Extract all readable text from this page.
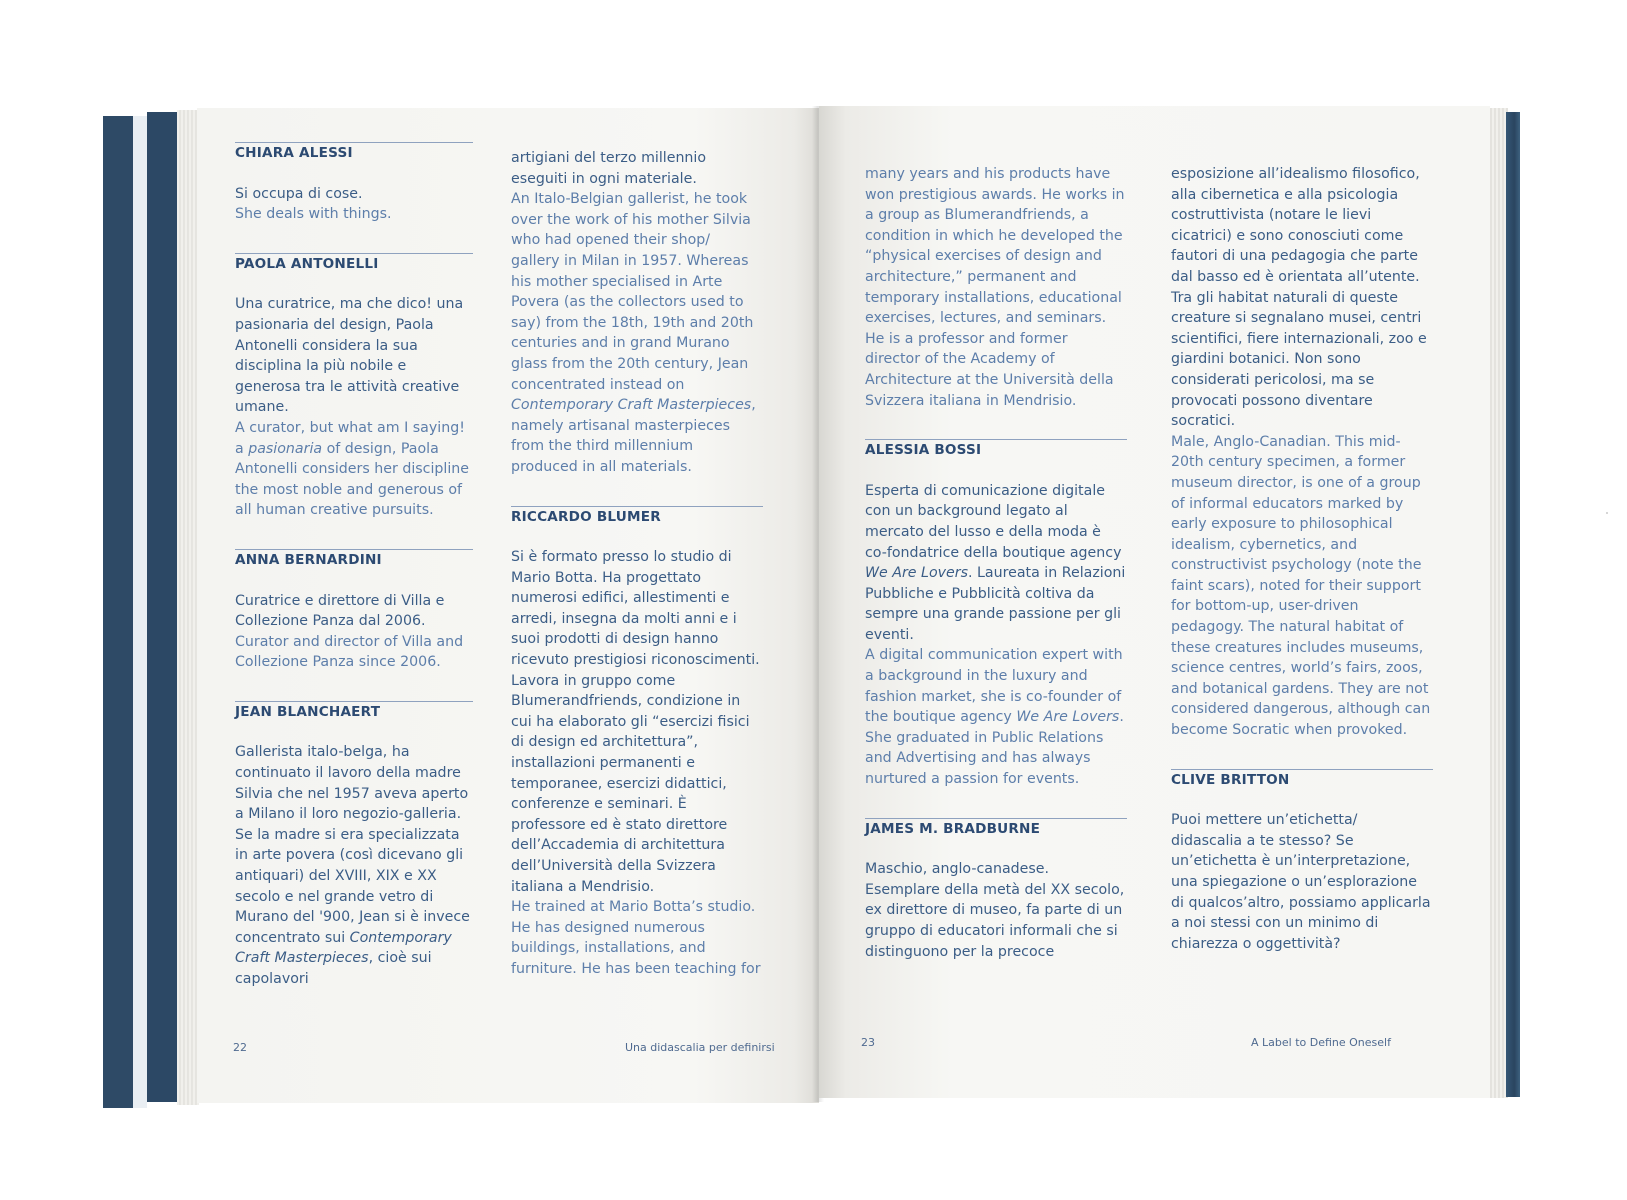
CHIARA ALESSI

Si occupa di cose.

She deals with things.

PAOLA ANTONELLI

Una curatrice, ma che dico! una pasionaria del design, Paola Antonelli considera la sua disciplina la più nobile e generosa tra le attività creative umane.

A curator, but what am I saying! a pasionaria of design, Paola Antonelli considers her discipline the most noble and generous of all human creative pursuits.

ANNA BERNARDINI

Curatrice e direttore di Villa e Collezione Panza dal 2006.

Curator and director of Villa and Collezione Panza since 2006.

JEAN BLANCHAERT

Gallerista italo-belga, ha continuato il lavoro della madre Silvia che nel 1957 aveva aperto a Milano il loro negozio-galleria. Se la madre si era specializzata in arte povera (così dicevano gli antiquari) del XVIII, XIX e XX secolo e nel grande vetro di Murano del '900, Jean si è invece concentrato sui Contemporary Craft Masterpieces, cioè sui capolavori

artigiani del terzo millennio eseguiti in ogni materiale.

An Italo-Belgian gallerist, he took over the work of his mother Silvia who had opened their shop/ gallery in Milan in 1957. Whereas his mother specialised in Arte Povera (as the collectors used to say) from the 18th, 19th and 20th centuries and in grand Murano glass from the 20th century, Jean concentrated instead on Contemporary Craft Masterpieces, namely artisanal masterpieces from the third millennium produced in all materials.

RICCARDO BLUMER

Si è formato presso lo studio di Mario Botta. Ha progettato numerosi edifici, allestimenti e arredi, insegna da molti anni e i suoi prodotti di design hanno ricevuto prestigiosi riconoscimenti. Lavora in gruppo come Blumerandfriends, condizione in cui ha elaborato gli “esercizi fisici di design ed architettura”, installazioni permanenti e temporanee, esercizi didattici, conferenze e seminari. È professore ed è stato direttore dell’Accademia di architettura dell’Università della Svizzera italiana a Mendrisio.

He trained at Mario Botta’s studio. He has designed numerous buildings, installations, and furniture. He has been teaching for

22	Una didascalia per definirsi

many years and his products have won prestigious awards. He works in a group as Blumerandfriends, a condition in which he developed the “physical exercises of design and architecture,” permanent and temporary installations, educational exercises, lectures, and seminars. He is a professor and former director of the Academy of Architecture at the Università della Svizzera italiana in Mendrisio.

ALESSIA BOSSI

Esperta di comunicazione digitale con un background legato al mercato del lusso e della moda è co-fondatrice della boutique agency We Are Lovers. Laureata in Relazioni Pubbliche e Pubblicità coltiva da sempre una grande passione per gli eventi.

A digital communication expert with a background in the luxury and fashion market, she is co-founder of the boutique agency We Are Lovers. She graduated in Public Relations and Advertising and has always nurtured a passion for events.

JAMES M. BRADBURNE

Maschio, anglo-canadese. Esemplare della metà del XX secolo, ex direttore di museo, fa parte di un gruppo di educatori informali che si distinguono per la precoce

esposizione all’idealismo filosofico, alla cibernetica e alla psicologia costruttivista (notare le lievi cicatrici) e sono conosciuti come fautori di una pedagogia che parte dal basso ed è orientata all’utente. Tra gli habitat naturali di queste creature si segnalano musei, centri scientifici, fiere internazionali, zoo e giardini botanici. Non sono considerati pericolosi, ma se provocati possono diventare socratici.

Male, Anglo-Canadian. This mid-20th century specimen, a former museum director, is one of a group of informal educators marked by early exposure to philosophical idealism, cybernetics, and constructivist psychology (note the faint scars), noted for their support for bottom-up, user-driven pedagogy. The natural habitat of these creatures includes museums, science centres, world’s fairs, zoos, and botanical gardens. They are not considered dangerous, although can become Socratic when provoked.

CLIVE BRITTON

Puoi mettere un’etichetta/ didascalia a te stesso? Se un’etichetta è un’interpretazione, una spiegazione o un’esplorazione di qualcos’altro, possiamo applicarla a noi stessi con un minimo di chiarezza o oggettività?

23	A Label to Define Oneself
